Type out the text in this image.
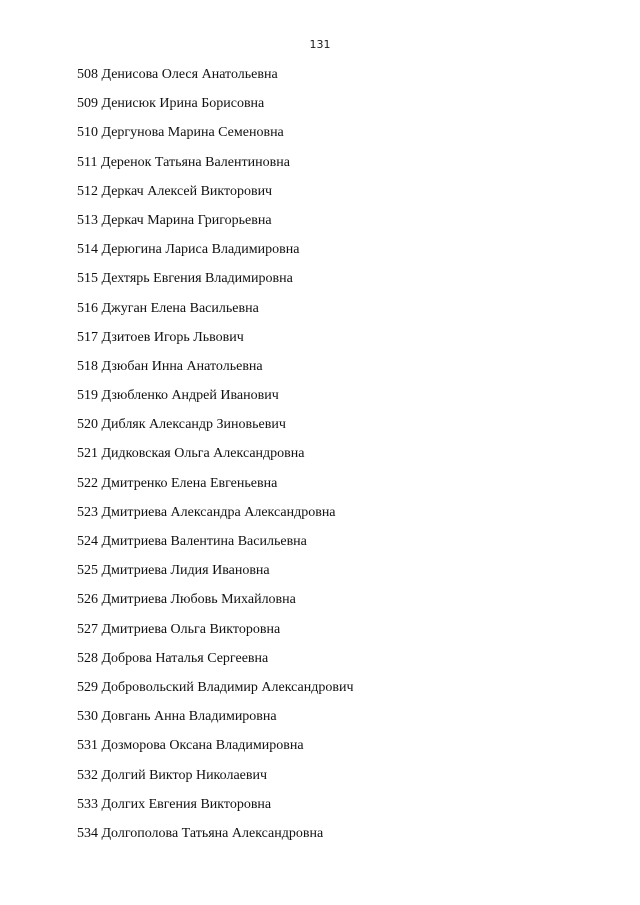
131
508 Денисова Олеся Анатольевна
509 Денисюк Ирина Борисовна
510 Дергунова Марина Семеновна
511 Деренок Татьяна Валентиновна
512 Деркач Алексей Викторович
513 Деркач Марина Григорьевна
514 Дерюгина Лариса Владимировна
515 Дехтярь Евгения Владимировна
516 Джуган Елена Васильевна
517 Дзитоев Игорь Львович
518 Дзюбан Инна Анатольевна
519 Дзюбленко Андрей Иванович
520 Дибляк Александр Зиновьевич
521 Дидковская Ольга Александровна
522 Дмитренко Елена Евгеньевна
523 Дмитриева Александра Александровна
524 Дмитриева Валентина Васильевна
525 Дмитриева Лидия Ивановна
526 Дмитриева Любовь Михайловна
527 Дмитриева Ольга Викторовна
528 Доброва Наталья Сергеевна
529 Добровольский Владимир Александрович
530 Довгань Анна Владимировна
531 Дозморова Оксана Владимировна
532 Долгий Виктор Николаевич
533 Долгих Евгения Викторовна
534 Долгополова Татьяна Александровна
